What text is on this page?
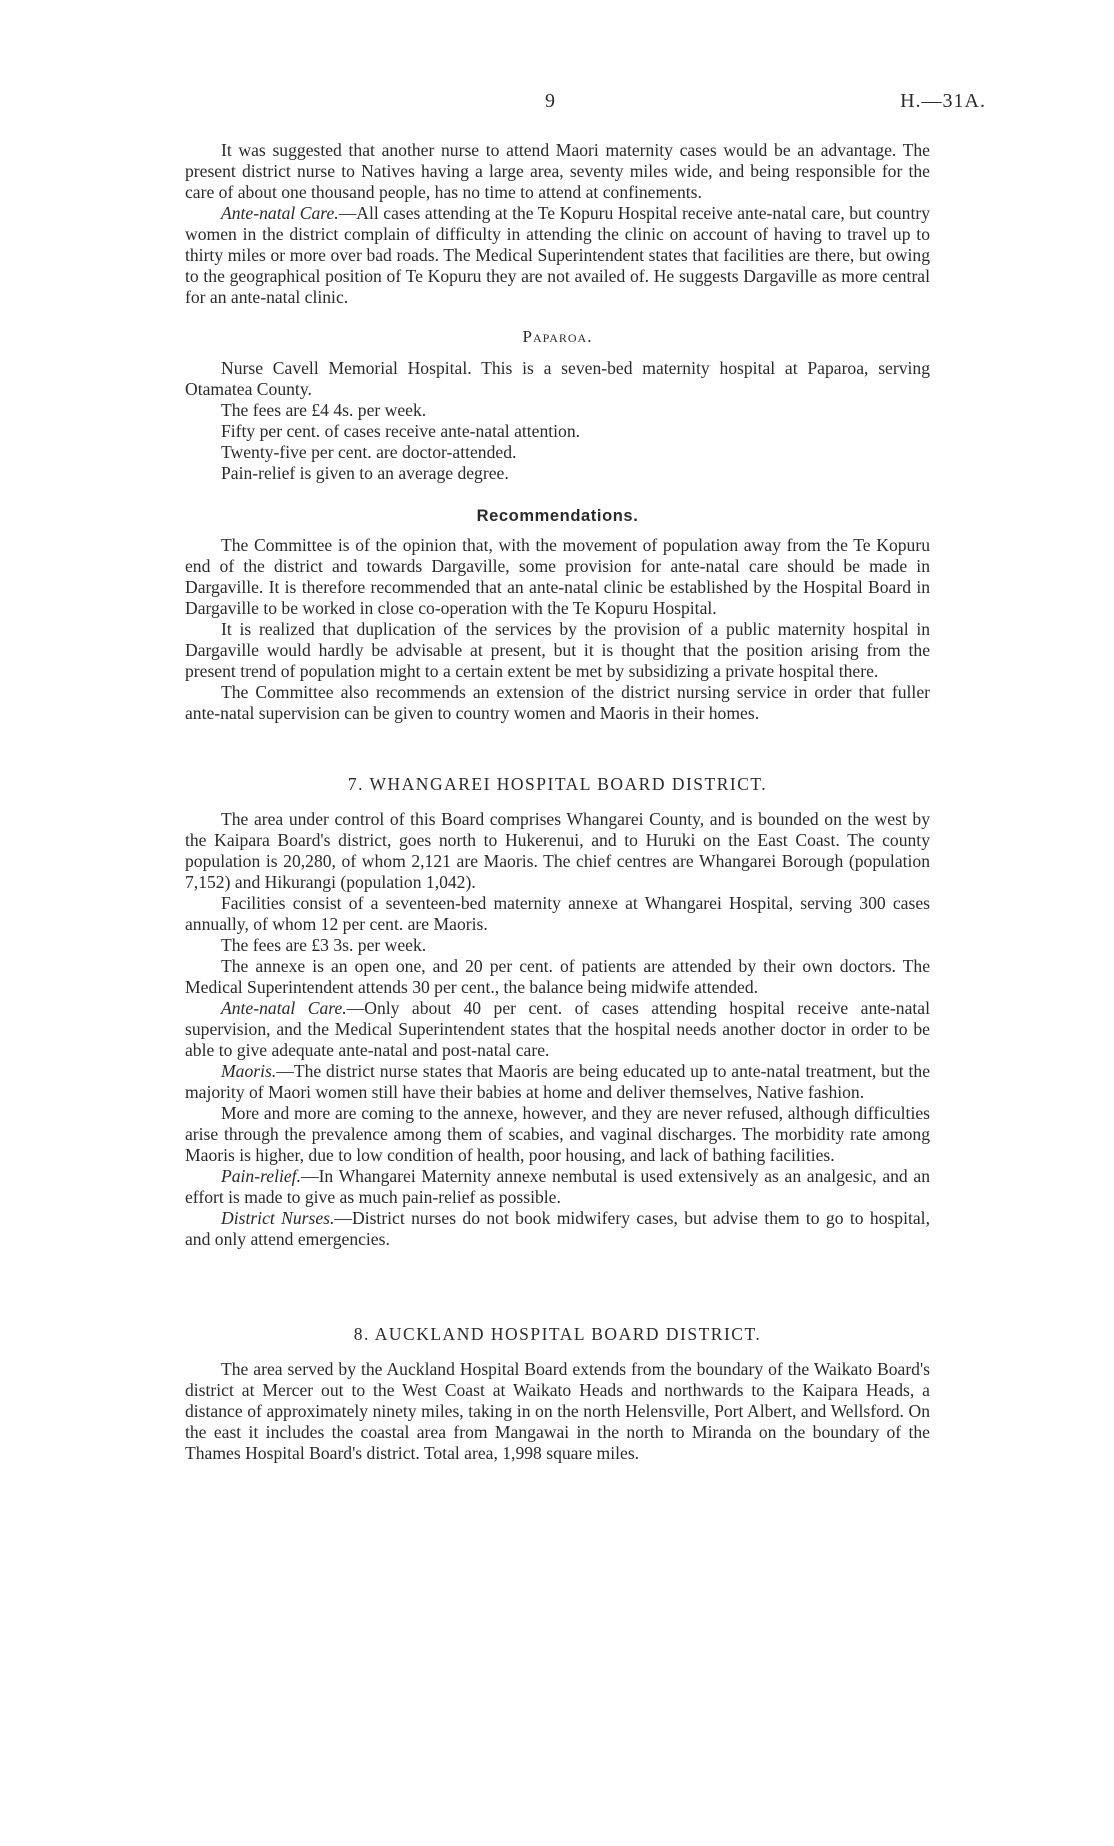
9	H.—31A.

It was suggested that another nurse to attend Maori maternity cases would be an advantage. The present district nurse to Natives having a large area, seventy miles wide, and being responsible for the care of about one thousand people, has no time to attend at confinements.

Ante-natal Care.—All cases attending at the Te Kopuru Hospital receive ante-natal care, but country women in the district complain of difficulty in attending the clinic on account of having to travel up to thirty miles or more over bad roads. The Medical Superintendent states that facilities are there, but owing to the geographical position of Te Kopuru they are not availed of. He suggests Dargaville as more central for an ante-natal clinic.

Paparoa.

Nurse Cavell Memorial Hospital. This is a seven-bed maternity hospital at Paparoa, serving Otamatea County.

The fees are £4 4s. per week.

Fifty per cent. of cases receive ante-natal attention.

Twenty-five per cent. are doctor-attended.

Pain-relief is given to an average degree.

Recommendations.

The Committee is of the opinion that, with the movement of population away from the Te Kopuru end of the district and towards Dargaville, some provision for ante-natal care should be made in Dargaville. It is therefore recommended that an ante-natal clinic be established by the Hospital Board in Dargaville to be worked in close co-operation with the Te Kopuru Hospital.

It is realized that duplication of the services by the provision of a public maternity hospital in Dargaville would hardly be advisable at present, but it is thought that the position arising from the present trend of population might to a certain extent be met by subsidizing a private hospital there.

The Committee also recommends an extension of the district nursing service in order that fuller ante-natal supervision can be given to country women and Maoris in their homes.

7. WHANGAREI HOSPITAL BOARD DISTRICT.

The area under control of this Board comprises Whangarei County, and is bounded on the west by the Kaipara Board's district, goes north to Hukerenui, and to Huruki on the East Coast. The county population is 20,280, of whom 2,121 are Maoris. The chief centres are Whangarei Borough (population 7,152) and Hikurangi (population 1,042).

Facilities consist of a seventeen-bed maternity annexe at Whangarei Hospital, serving 300 cases annually, of whom 12 per cent. are Maoris.

The fees are £3 3s. per week.

The annexe is an open one, and 20 per cent. of patients are attended by their own doctors. The Medical Superintendent attends 30 per cent., the balance being midwife attended.

Ante-natal Care.—Only about 40 per cent. of cases attending hospital receive ante-natal supervision, and the Medical Superintendent states that the hospital needs another doctor in order to be able to give adequate ante-natal and post-natal care.

Maoris.—The district nurse states that Maoris are being educated up to ante-natal treatment, but the majority of Maori women still have their babies at home and deliver themselves, Native fashion.

More and more are coming to the annexe, however, and they are never refused, although difficulties arise through the prevalence among them of scabies, and vaginal discharges. The morbidity rate among Maoris is higher, due to low condition of health, poor housing, and lack of bathing facilities.

Pain-relief.—In Whangarei Maternity annexe nembutal is used extensively as an analgesic, and an effort is made to give as much pain-relief as possible.

District Nurses.—District nurses do not book midwifery cases, but advise them to go to hospital, and only attend emergencies.

8. AUCKLAND HOSPITAL BOARD DISTRICT.

The area served by the Auckland Hospital Board extends from the boundary of the Waikato Board's district at Mercer out to the West Coast at Waikato Heads and northwards to the Kaipara Heads, a distance of approximately ninety miles, taking in on the north Helensville, Port Albert, and Wellsford. On the east it includes the coastal area from Mangawai in the north to Miranda on the boundary of the Thames Hospital Board's district. Total area, 1,998 square miles.
